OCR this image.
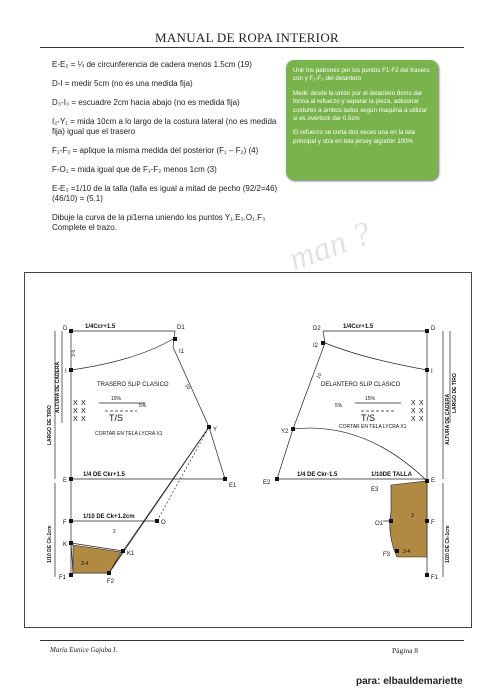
MANUAL DE ROPA INTERIOR

E-E₂ = ¼ de circunferencia de cadera menos 1.5cm (19)

D-I = medir 5cm (no es una medida fija)

D₃-I₃ = escuadre 2cm hacia abajo (no es medida fija)

I₂-Y₁ = mida 10cm a lo largo de la costura lateral (no es medida fija) igual que el trasero

F₁-F₃ = aplique la misma medida del posterior (F₁ – F₂) (4)

F-O₁ = mida igual que de F₁-F₂ menos 1cm (3)

E-E₃ =1/10 de la talla (talla es igual a mitad de pecho (92/2=46) (46/10) = (5.1)

Dibuje la curva de la pi1erna uniendo los puntos Y₁.E₃.O₁.F₃ Complete el trazo.

Unir los patrones por los puntos F1-F2 del trasero con y F₁-F₃ del delantero

Medir desde la unión por el delantero 8cms dar forma al refuerzo y separar la pieza, adicionar costures a ambos lados según maquina a utilizar si es overlock dar 0.5cm

El refuerzo se corta dos veces una en la tela principal y otra en tela jersey algodón 100%

man ?
1/4Ccr+1.5
TRASERO SLIP CLASICO
15%
5%
T/S
CORTAR EN TELA LYCRA X1
1/4 DE Ckr+1.5
1/10 DE Ck+1.2cm
3-4
2
10
3-5
D	D1
I1
I
Y
E
E1
F	O
K
K1
F1
F2
LARGO DE TIRO
ALTURA DE CADERA
1/10 DE Ck-1cm
X
X
X
X
X
X
1/4Ccr+1.5
DELANTERO SLIP CLASICO
15%
5%
T/S
CORTAR EN TELA LYCRA X1
1/4 DE Ckr-1.5	1/10DE TALLA
10
3
3-4
D2	D
I2
I
Y2
E2	E
E3
O1	F
F3
F1
ALTURA DE CADERA
LARGO DE TIRO
1/20 DE Ck-1cm
X
X
X
X
X
X
María Eunice Gajuba I.	Página 8
para: elbauldemariette
